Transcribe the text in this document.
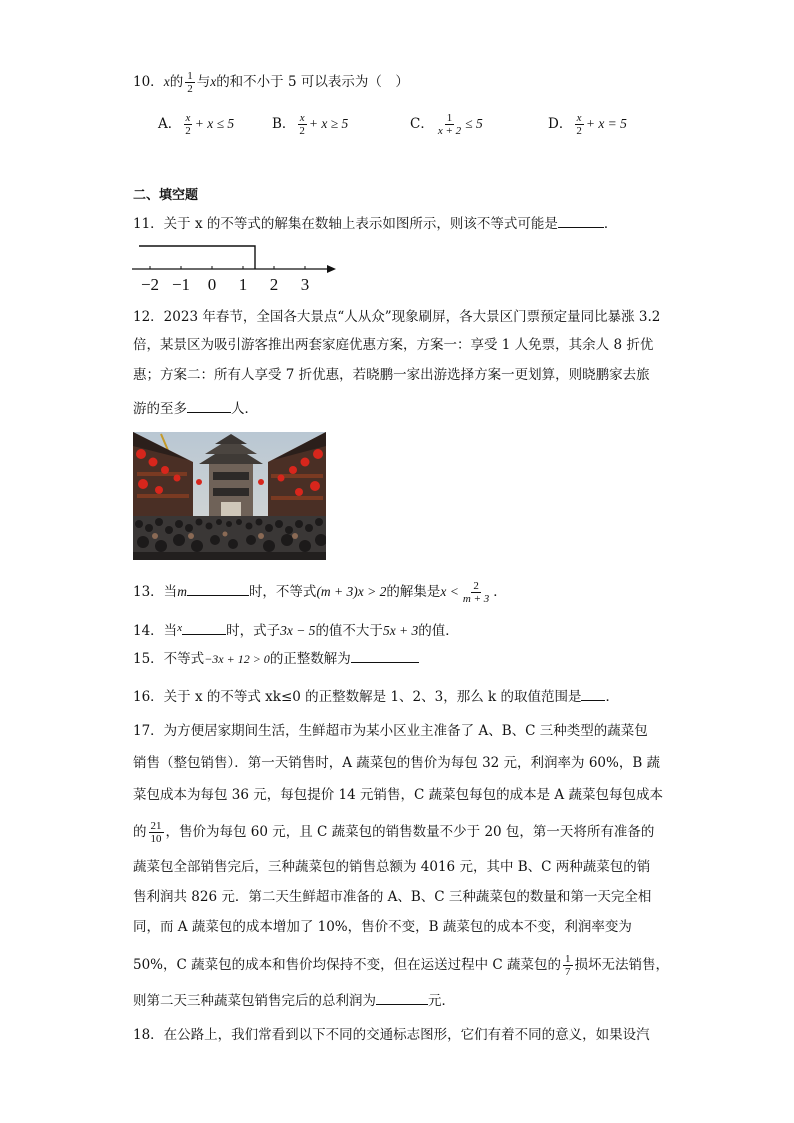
10．x的 $\frac{1}{2}$ 与x的和不小于 5 可以表示为（　）
A． $\frac{x}{2} + x \le 5$	B． $\frac{x}{2} + x \ge 5$	C． $\frac{1}{x + 2} \le 5$	D． $\frac{x}{2} + x = 5$
二、填空题
11．关于 x 的不等式的解集在数轴上表示如图所示，则该不等式可能是	．
−2 −1 0 1 2 3
12．2023 年春节，全国各大景点“人从众”现象刷屏，各大景区门票预定量同比暴涨 3.2
倍，某景区为吸引游客推出两套家庭优惠方案，方案一：享受 1 人免票，其余人 8 折优
惠；方案二：所有人享受 7 折优惠，若晓鹏一家出游选择方案一更划算，则晓鹏家去旅
游的至多	人．
13．当m	时，不等式(m + 3)x > 2的解集是$x < \frac{2}{m + 3}$ ．
14．当$^x$	时，式子3x − 5的值不大于5x + 3的值．
15．不等式−3x + 12 > 0的正整数解为
16．关于 x 的不等式 xk≤0 的正整数解是 1、2、3，那么 k 的取值范围是 ．
17．为方便居家期间生活，生鲜超市为某小区业主准备了 A、B、C 三种类型的蔬菜包
销售（整包销售）．第一天销售时，A 蔬菜包的售价为每包 32 元，利润率为 60%，B 蔬
菜包成本为每包 36 元，每包提价 14 元销售，C 蔬菜包每包的成本是 A 蔬菜包每包成本
的 $\frac{21}{10}$ ，售价为每包 60 元，且 C 蔬菜包的销售数量不少于 20 包，第一天将所有准备的
蔬菜包全部销售完后，三种蔬菜包的销售总额为 4016 元，其中 B、C 两种蔬菜包的销
售利润共 826 元．第二天生鲜超市准备的 A、B、C 三种蔬菜包的数量和第一天完全相
同，而 A 蔬菜包的成本增加了 10%，售价不变，B 蔬菜包的成本不变，利润率变为
50%，C 蔬菜包的成本和售价均保持不变，但在运送过程中 C 蔬菜包的 $\frac{1}{7}$ 损坏无法销售，
则第二天三种蔬菜包销售完后的总利润为	元．
18．在公路上，我们常看到以下不同的交通标志图形，它们有着不同的意义，如果设汽
